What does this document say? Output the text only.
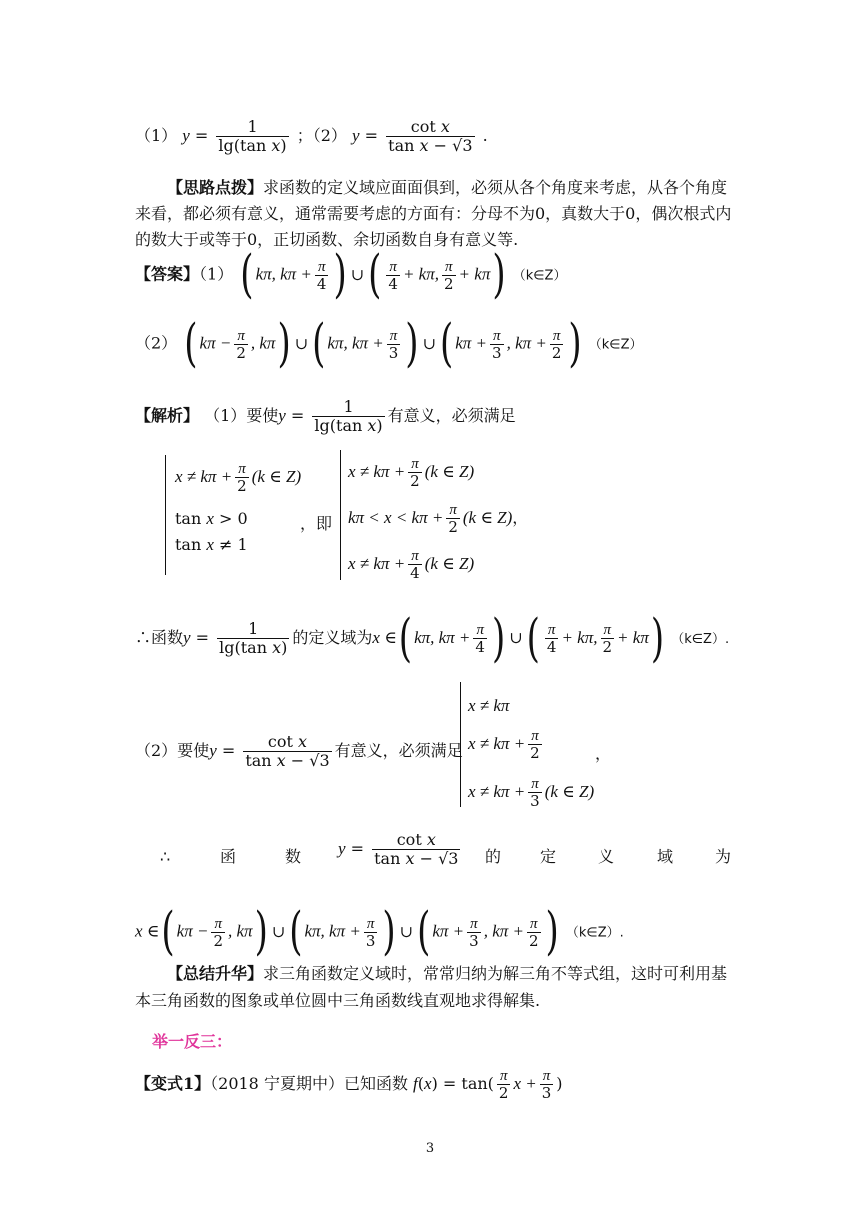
（1） $y = \frac{1}{\text{lg(tan x)}}$ ；（2） $y = \frac{\text{cot x}}{\text{tan x − √3}}$ .
【思路点拨】求函数的定义域应面面俱到，必须从各个角度来考虑，从各个角度来看，都必须有意义，通常需要考虑的方面有：分母不为0，真数大于0，偶次根式内的数大于或等于0，正切函数、余切函数自身有意义等.
【答案】（1） ( kπ, $k\pi + \frac{\pi}{4}$ ) ∪ ( $\frac{\pi}{4} + k\pi$, $\frac{\pi}{2} + k\pi$) （k∈Z）
（2） ( $k\pi - \frac{\pi}{2}$ , kπ) ∪ ( kπ, $k\pi + \frac{\pi}{3}$ ) ∪ ( $k\pi + \frac{\pi}{3}$ , $k\pi + \frac{\pi}{2}$ ) （k∈Z）
【解析】 （1）要使$y = \frac{1}{\text{lg(tan x)}}$ 有意义，必须满足
$x \ne k\pi + \frac{\pi}{2} (k$ ∈ Z)
tan x > 0
tan x ≠ 1
，即
$x \ne k\pi + \frac{\pi}{2} (k$ ∈ Z)
$k\pi < x < k\pi + \frac{\pi}{2} (k$ ∈ Z)，
$x \ne k\pi + \frac{\pi}{4} (k$ ∈ Z)
∴函数$y = \frac{1}{\text{lg(tan x)}}$ 的定义域为x ∈( kπ, $k\pi + \frac{\pi}{4}$ ) ∪ ( $\frac{\pi}{4} + k\pi$, $\frac{\pi}{2} + k\pi$) （k∈Z）.
（2）要使$y = \frac{\text{cot x}}{\text{tan x − √3}}$ 有意义，必须满足
x ≠ kπ
$x \ne k\pi + \frac{\pi}{2}$
$x \ne k\pi + \frac{\pi}{3} (k$ ∈ Z)
，
∴	函	数 $y = \frac{\text{cot x}}{\text{tan x − √3}}$ 的 定	义	域	为
x ∈( $k\pi - \frac{\pi}{2}$ , kπ) ∪ ( kπ, $k\pi + \frac{\pi}{3}$ ) ∪ ( $k\pi + \frac{\pi}{3}$ , $k\pi + \frac{\pi}{2}$ ) （k∈Z）.
【总结升华】求三角函数定义域时，常常归纳为解三角不等式组，这时可利用基本三角函数的图象或单位圆中三角函数线直观地求得解集.
举一反三：
【变式1】（2018 宁夏期中）已知函数 $f(x) = \tan( \frac{\pi}{2}$ $x + \frac{\pi}{3}$ )
3
